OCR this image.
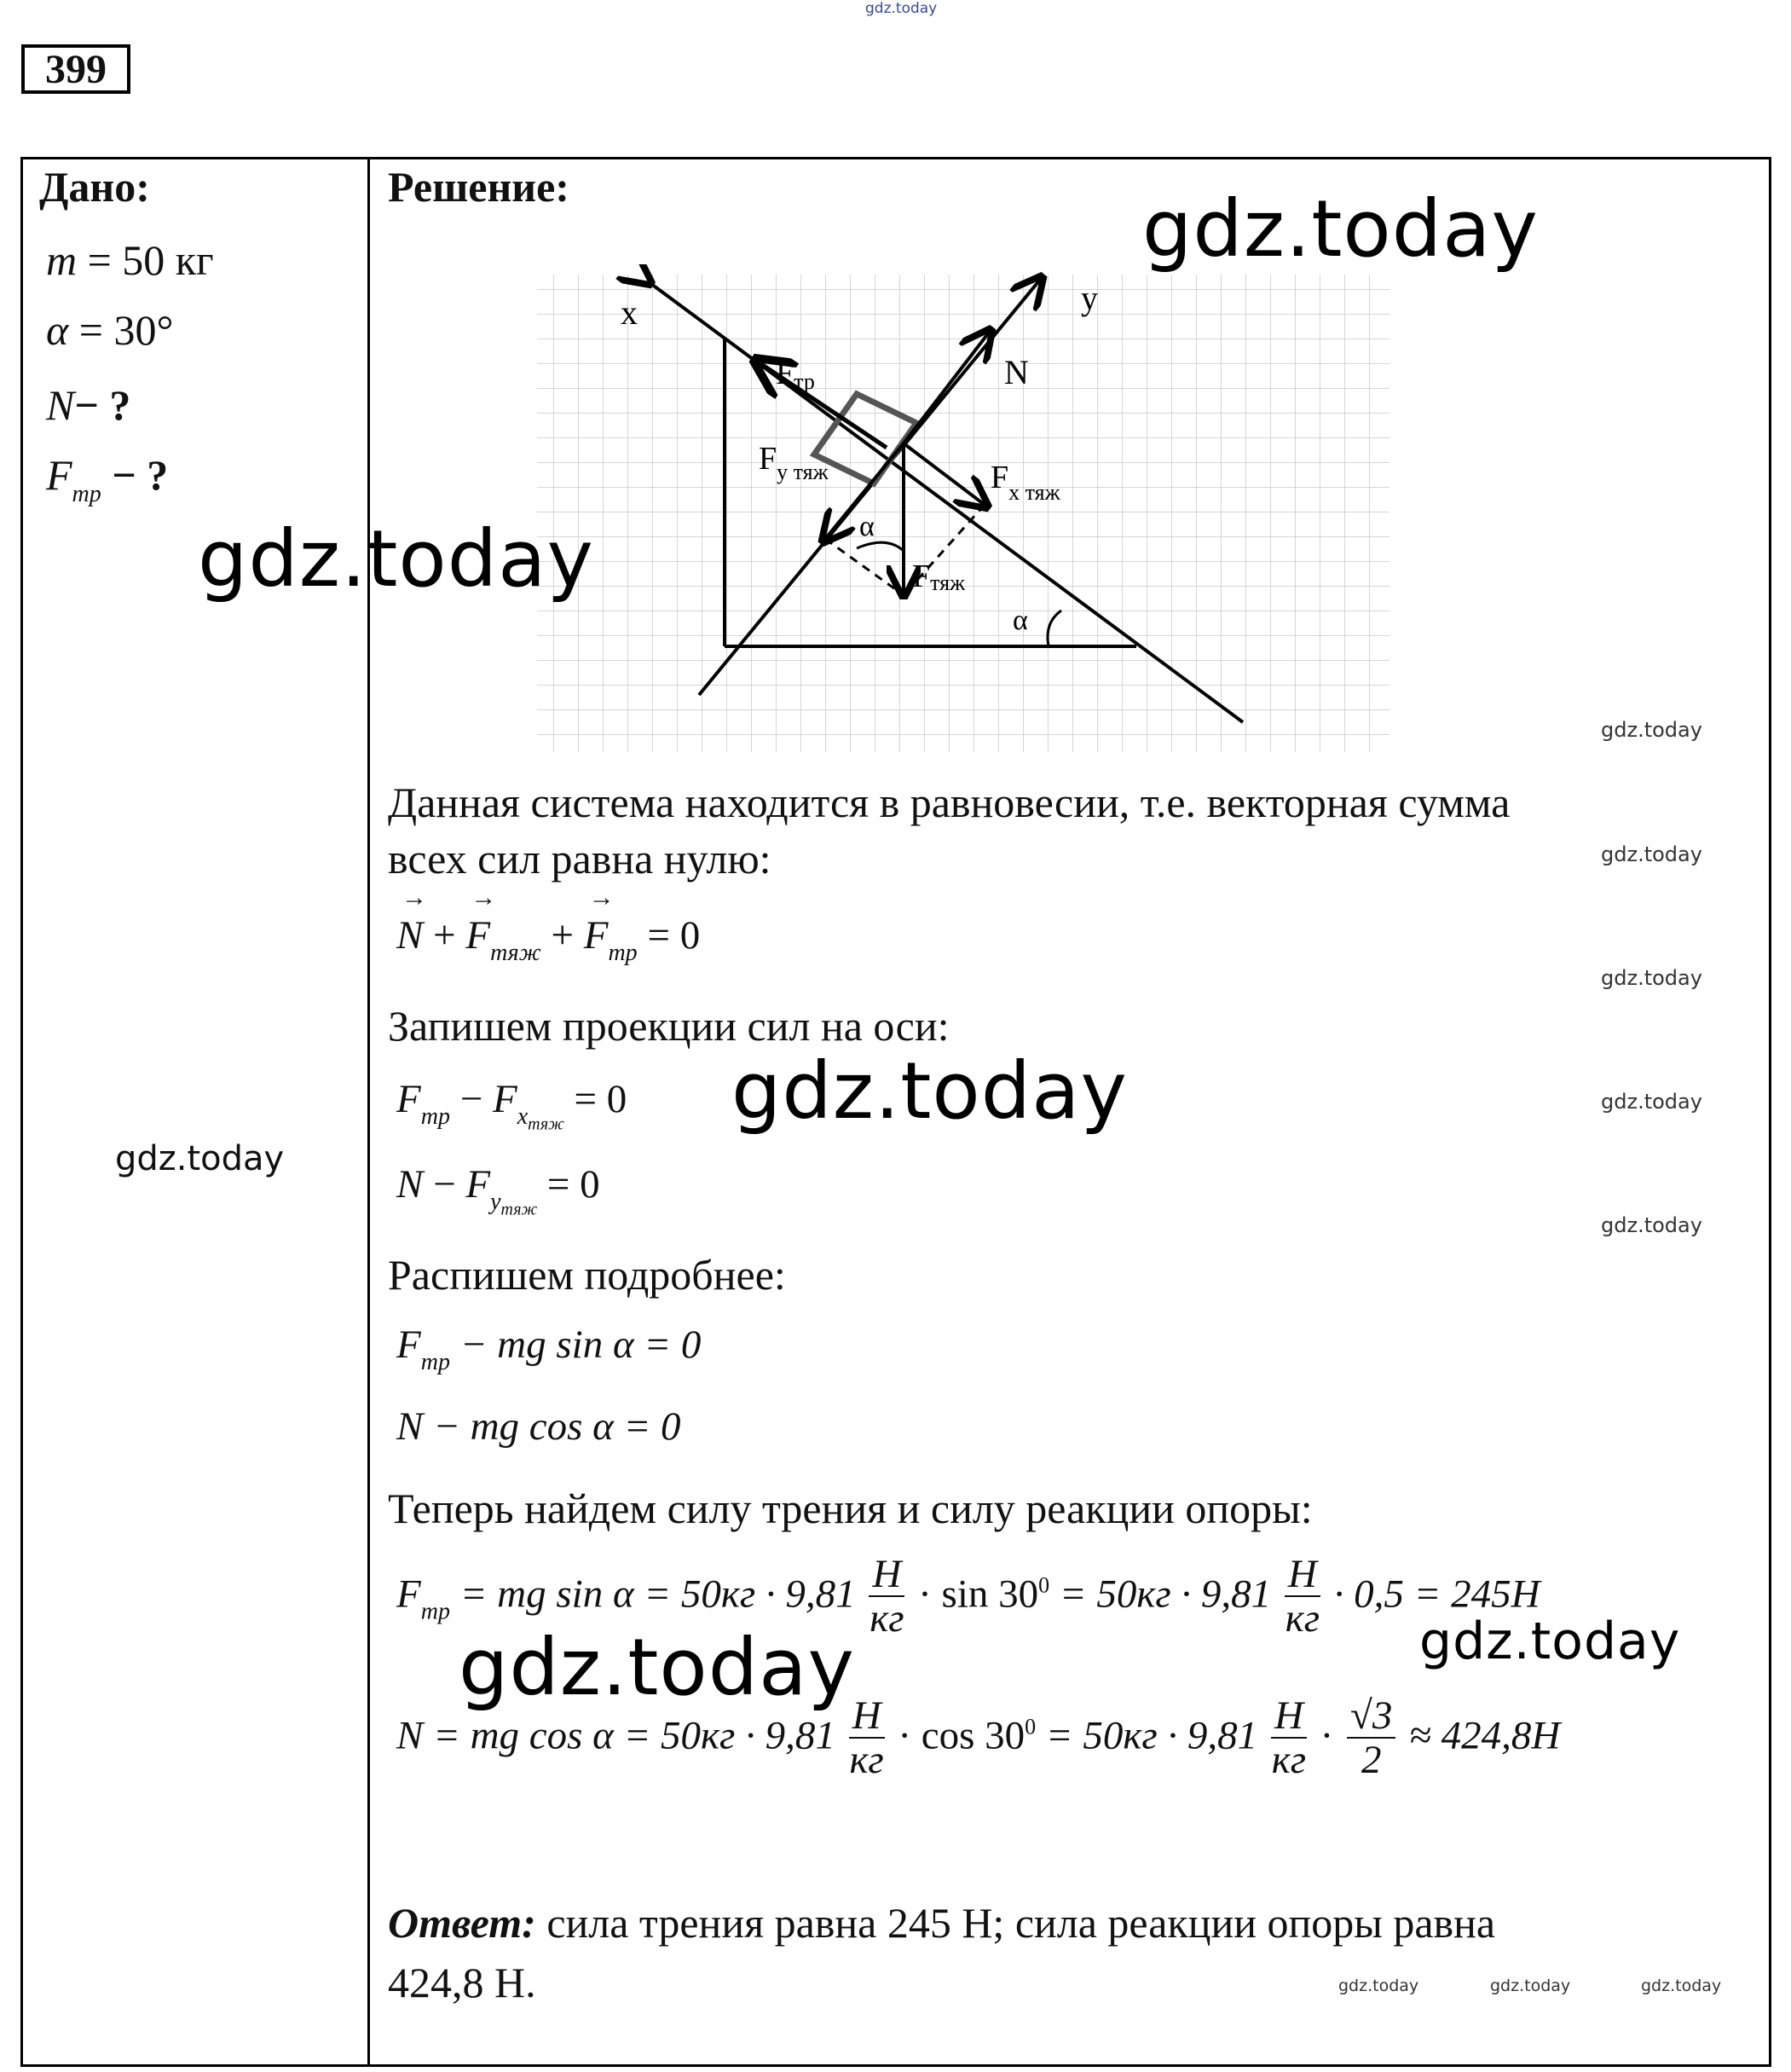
gdz.today
399
Дано:
m = 50 кг
α = 30°
N− ?
$F_{тр}$ − ?
Решение:
x	y
N
Fтр
$F_{y тяж}$	$F_{x тяж}$
Fтяж
α
α
Данная система находится в равновесии, т.е. векторная сумма
всех сил равна нулю:
→ N + → $F_{тяж}$ + → $F_{тр} = 0$
Запишем проекции сил на оси:
$F_{тр} - F_{x_{тяж}} = 0$
$N - F_{y_{тяж}} = 0$
Распишем подробнее:
$F_{тр}$ − mg sin α = 0
N − mg cos α = 0
Теперь найдем силу трения и силу реакции опоры:
$F_{тр}$ = mg $\sin \alpha = 50кг \cdot 9,81 \frac{Н}{кг} \cdot \sin 30^0 = 50кг \cdot 9,81 \frac{Н}{кг} \cdot 0,5 = 245Н$
N = mg $\cos \alpha = 50кг \cdot 9,81 \frac{Н}{кг} \cdot \cos 30^0 = 50кг \cdot 9,81 \frac{Н}{кг} \cdot \frac{√3}{2} \approx 424,8Н$
Ответ: сила трения равна 245 Н; сила реакции опоры равна
424,8 Н.
gdz.today
gdz.today
gdz.today
gdz.today	gdz.today
gdz.today
gdz.today
gdz.today
gdz.today
gdz.today
gdz.today
gdz.today	gdz.today	gdz.today
